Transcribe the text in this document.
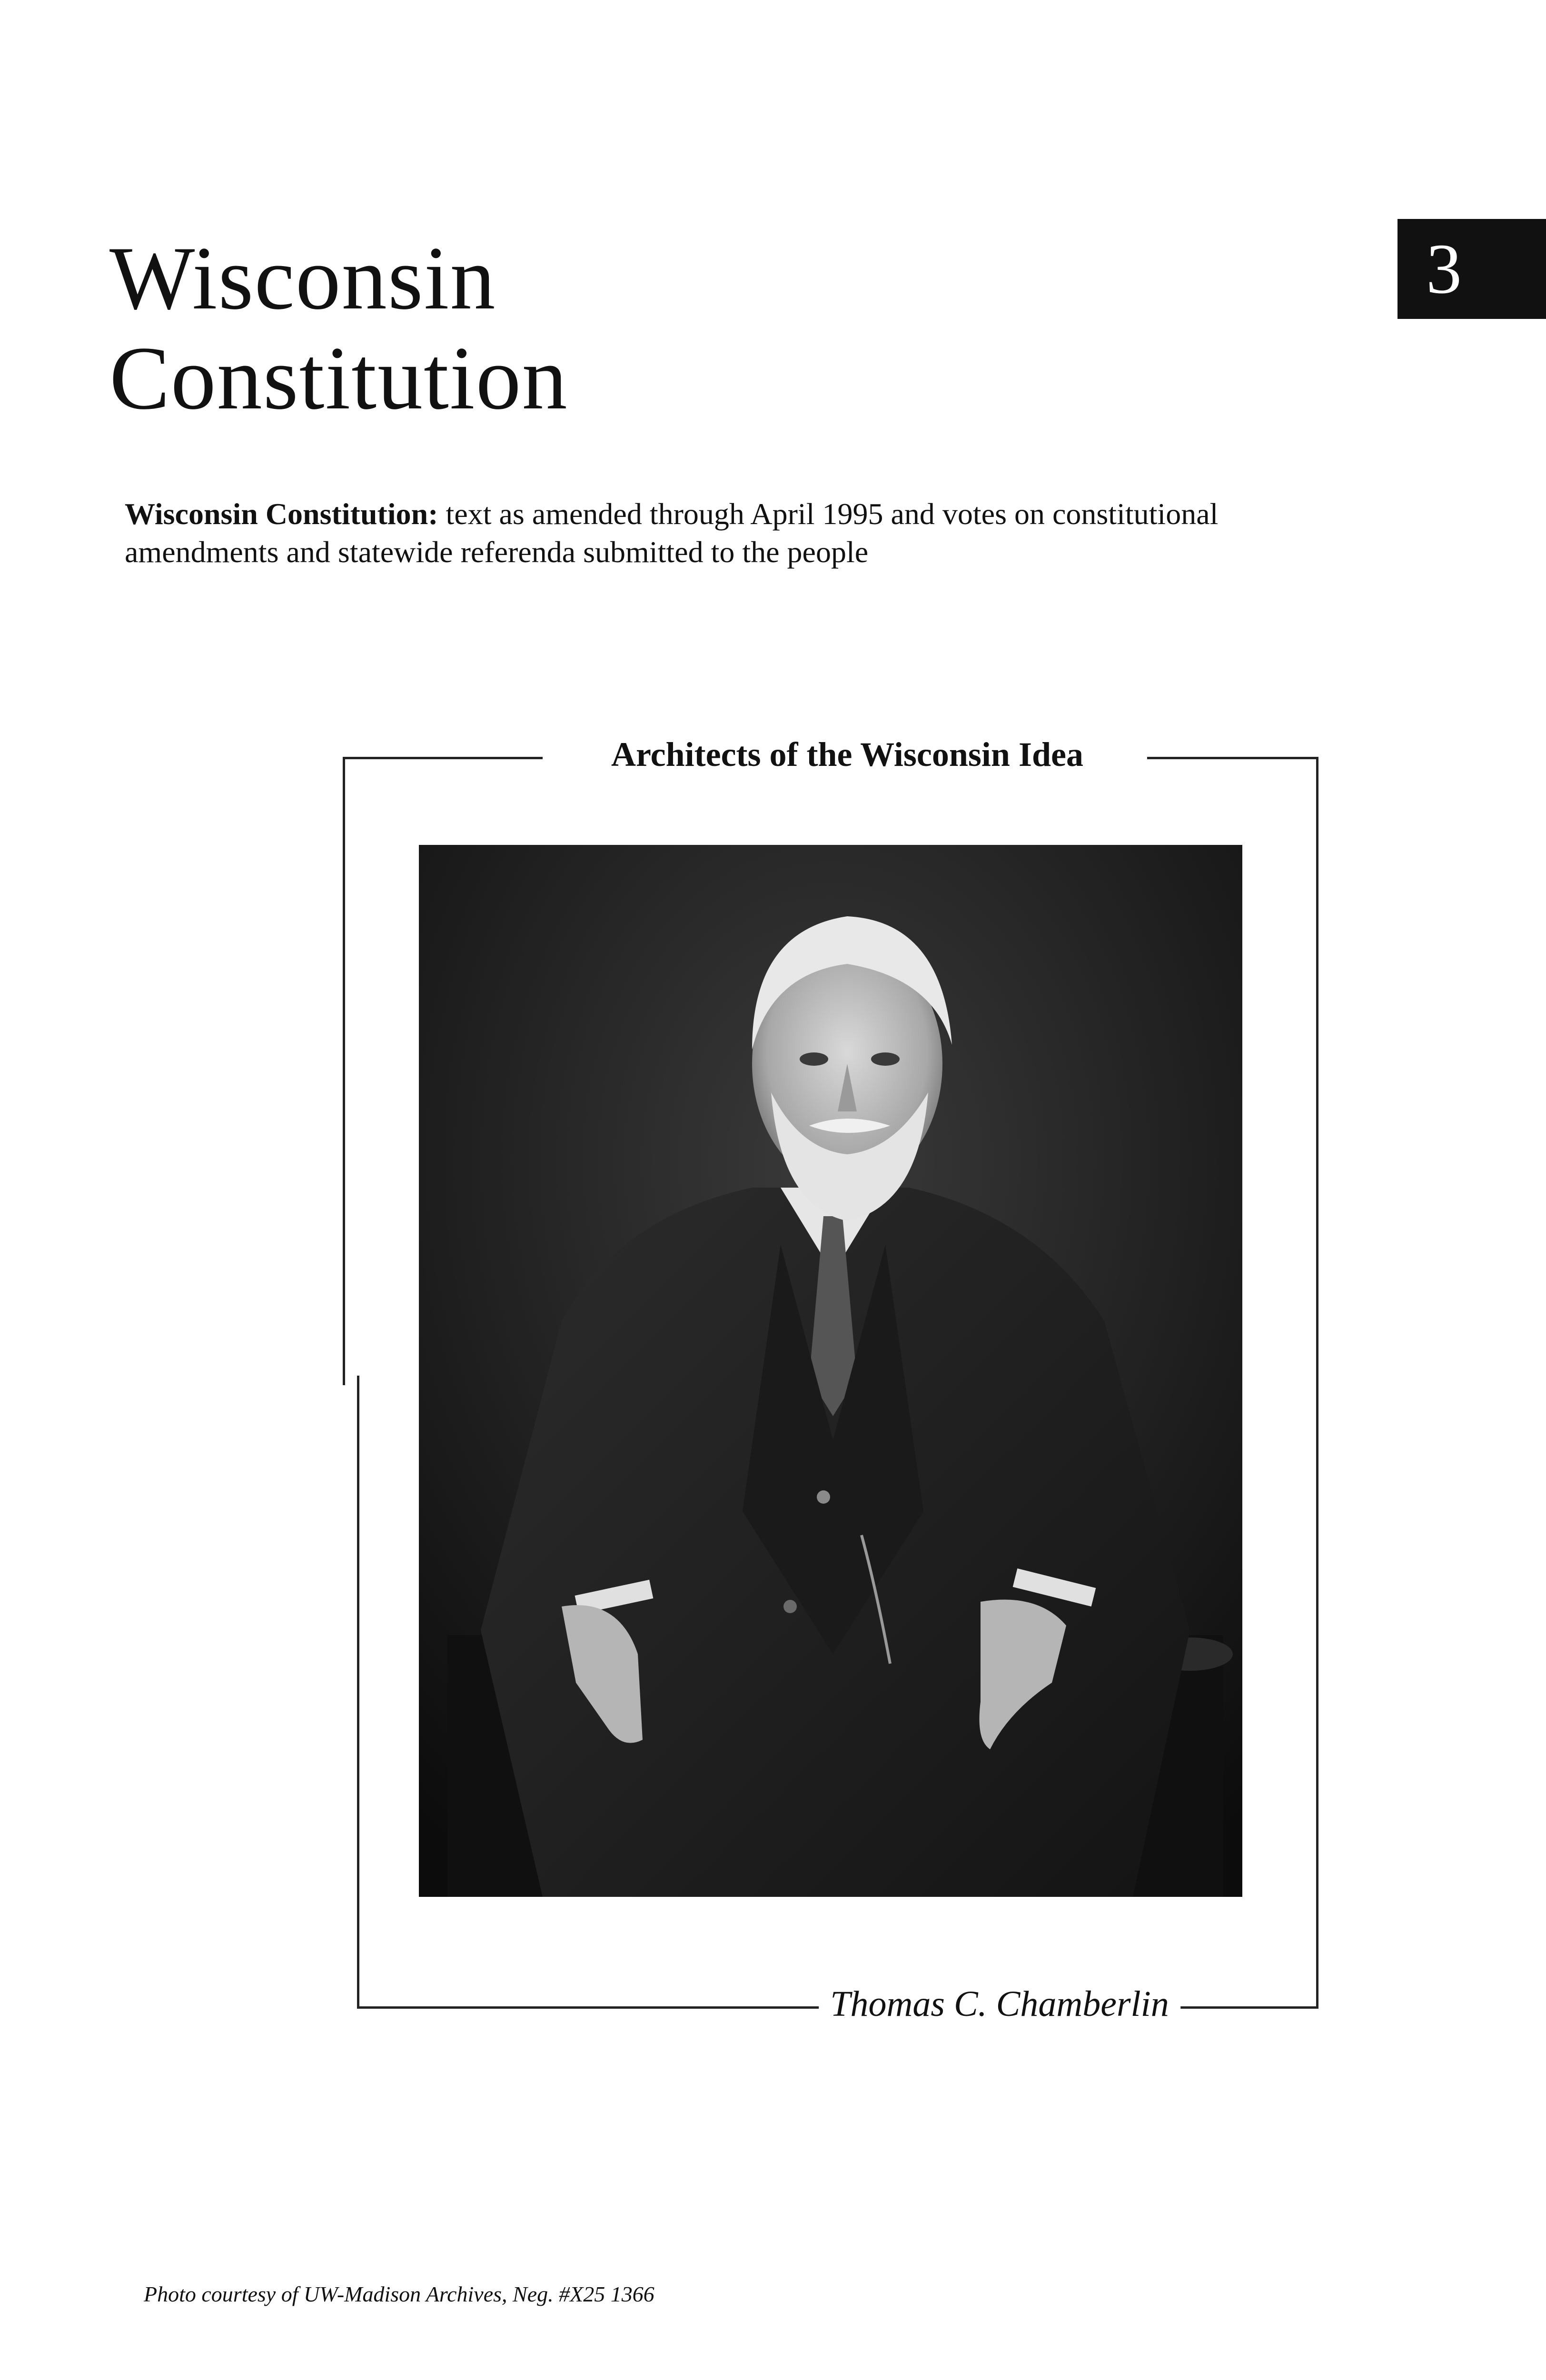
Wisconsin
Constitution
3
Wisconsin Constitution: text as amended through April 1995 and votes on constitutional amendments and statewide referenda submitted to the people
Architects of the Wisconsin Idea
Thomas C. Chamberlin
Photo courtesy of UW-Madison Archives, Neg. #X25 1366
